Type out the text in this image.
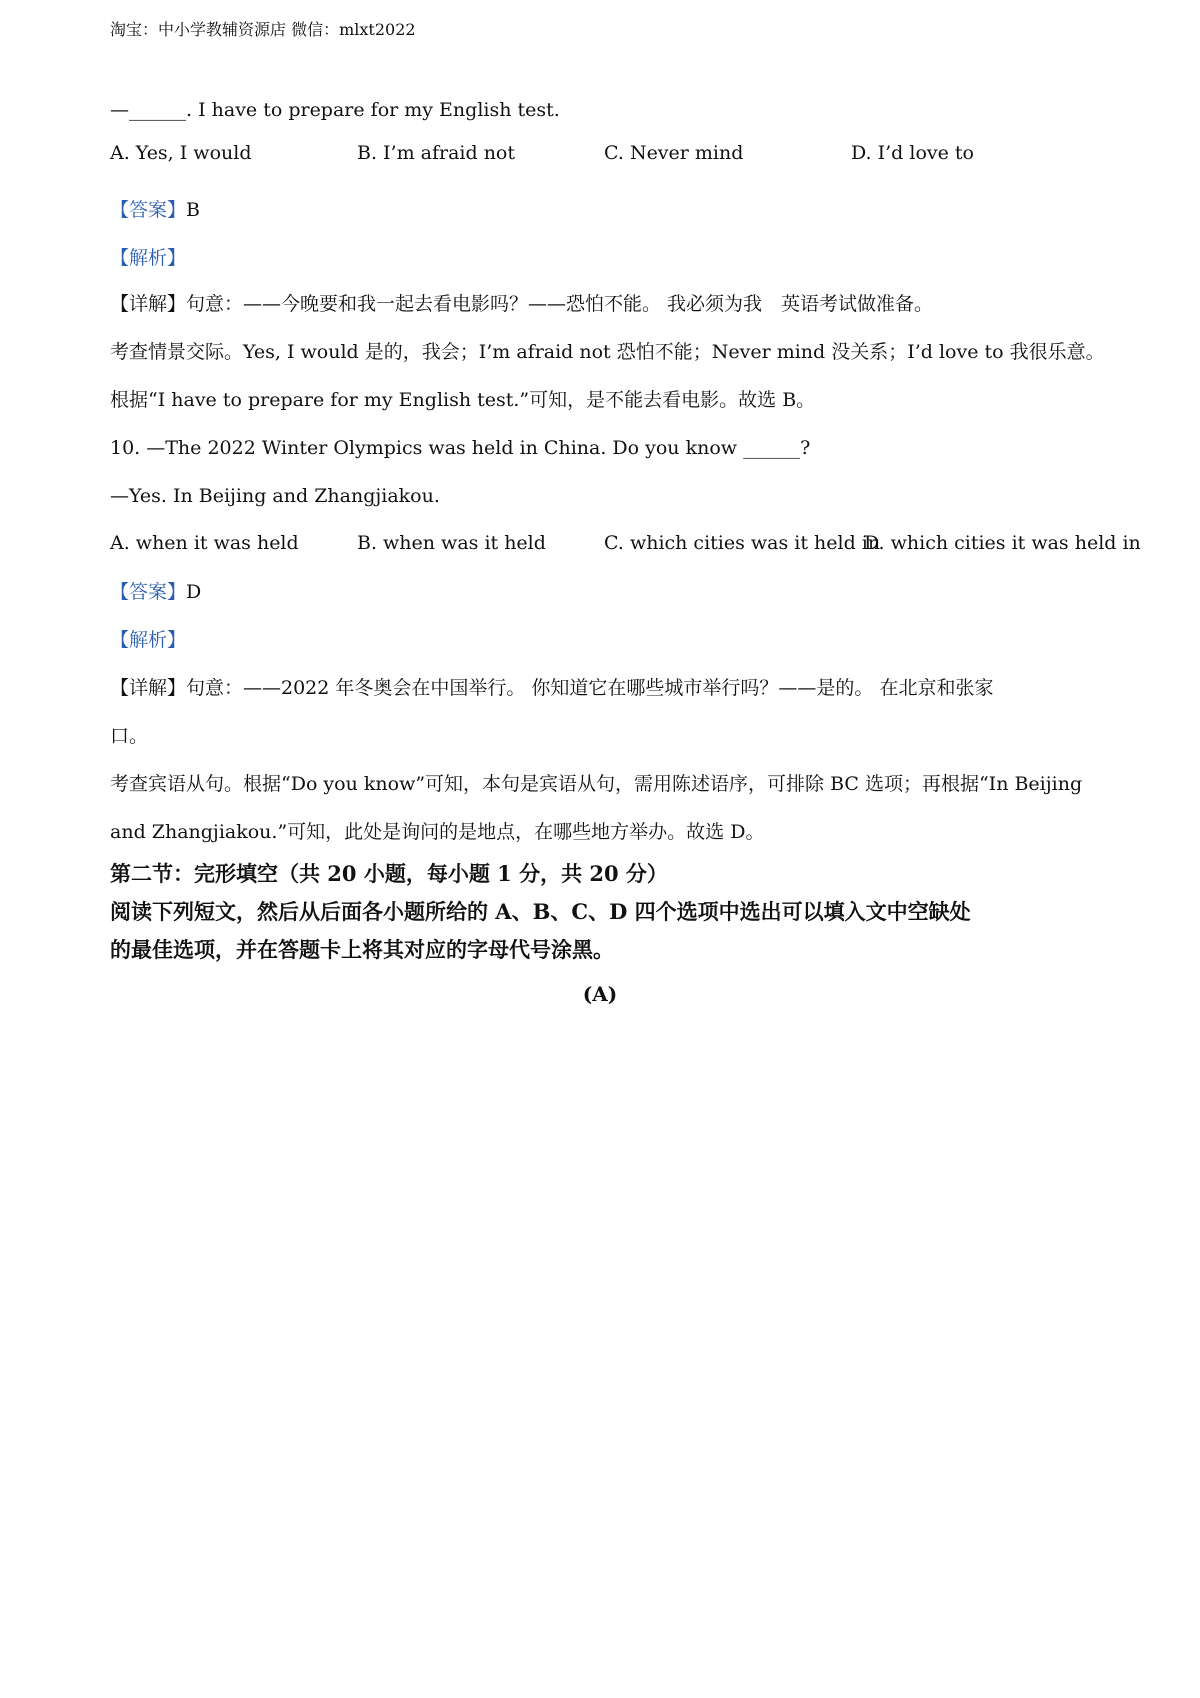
淘宝：中小学教辅资源店 微信：mlxt2022
—______. I have to prepare for my English test.
A. Yes, I would	B. I’m afraid not	C. Never mind	D. I’d love to
【答案】B
【解析】
【详解】句意：——今晚要和我一起去看电影吗？——恐怕不能。 我必须为我　英语考试做准备。
考查情景交际。Yes, I would 是的，我会；I’m afraid not 恐怕不能；Never mind 没关系；I’d love to 我很乐意。
根据“I have to prepare for my English test.”可知，是不能去看电影。故选 B。
10. —The 2022 Winter Olympics was held in China. Do you know ______?
—Yes. In Beijing and Zhangjiakou.
A. when it was held	B. when was it held	C. which cities was it held in
D. which cities it was held in
【答案】D
【解析】
【详解】句意：——2022 年冬奥会在中国举行。 你知道它在哪些城市举行吗？——是的。 在北京和张家
口。
考查宾语从句。根据“Do you know”可知，本句是宾语从句，需用陈述语序，可排除 BC 选项；再根据“In Beijing
and Zhangjiakou.”可知，此处是询问的是地点，在哪些地方举办。故选 D。
第二节：完形填空（共 20 小题，每小题 1 分，共 20 分）
阅读下列短文，然后从后面各小题所给的 A、B、C、D 四个选项中选出可以填入文中空缺处
的最佳选项，并在答题卡上将其对应的字母代号涂黑。
(A)
